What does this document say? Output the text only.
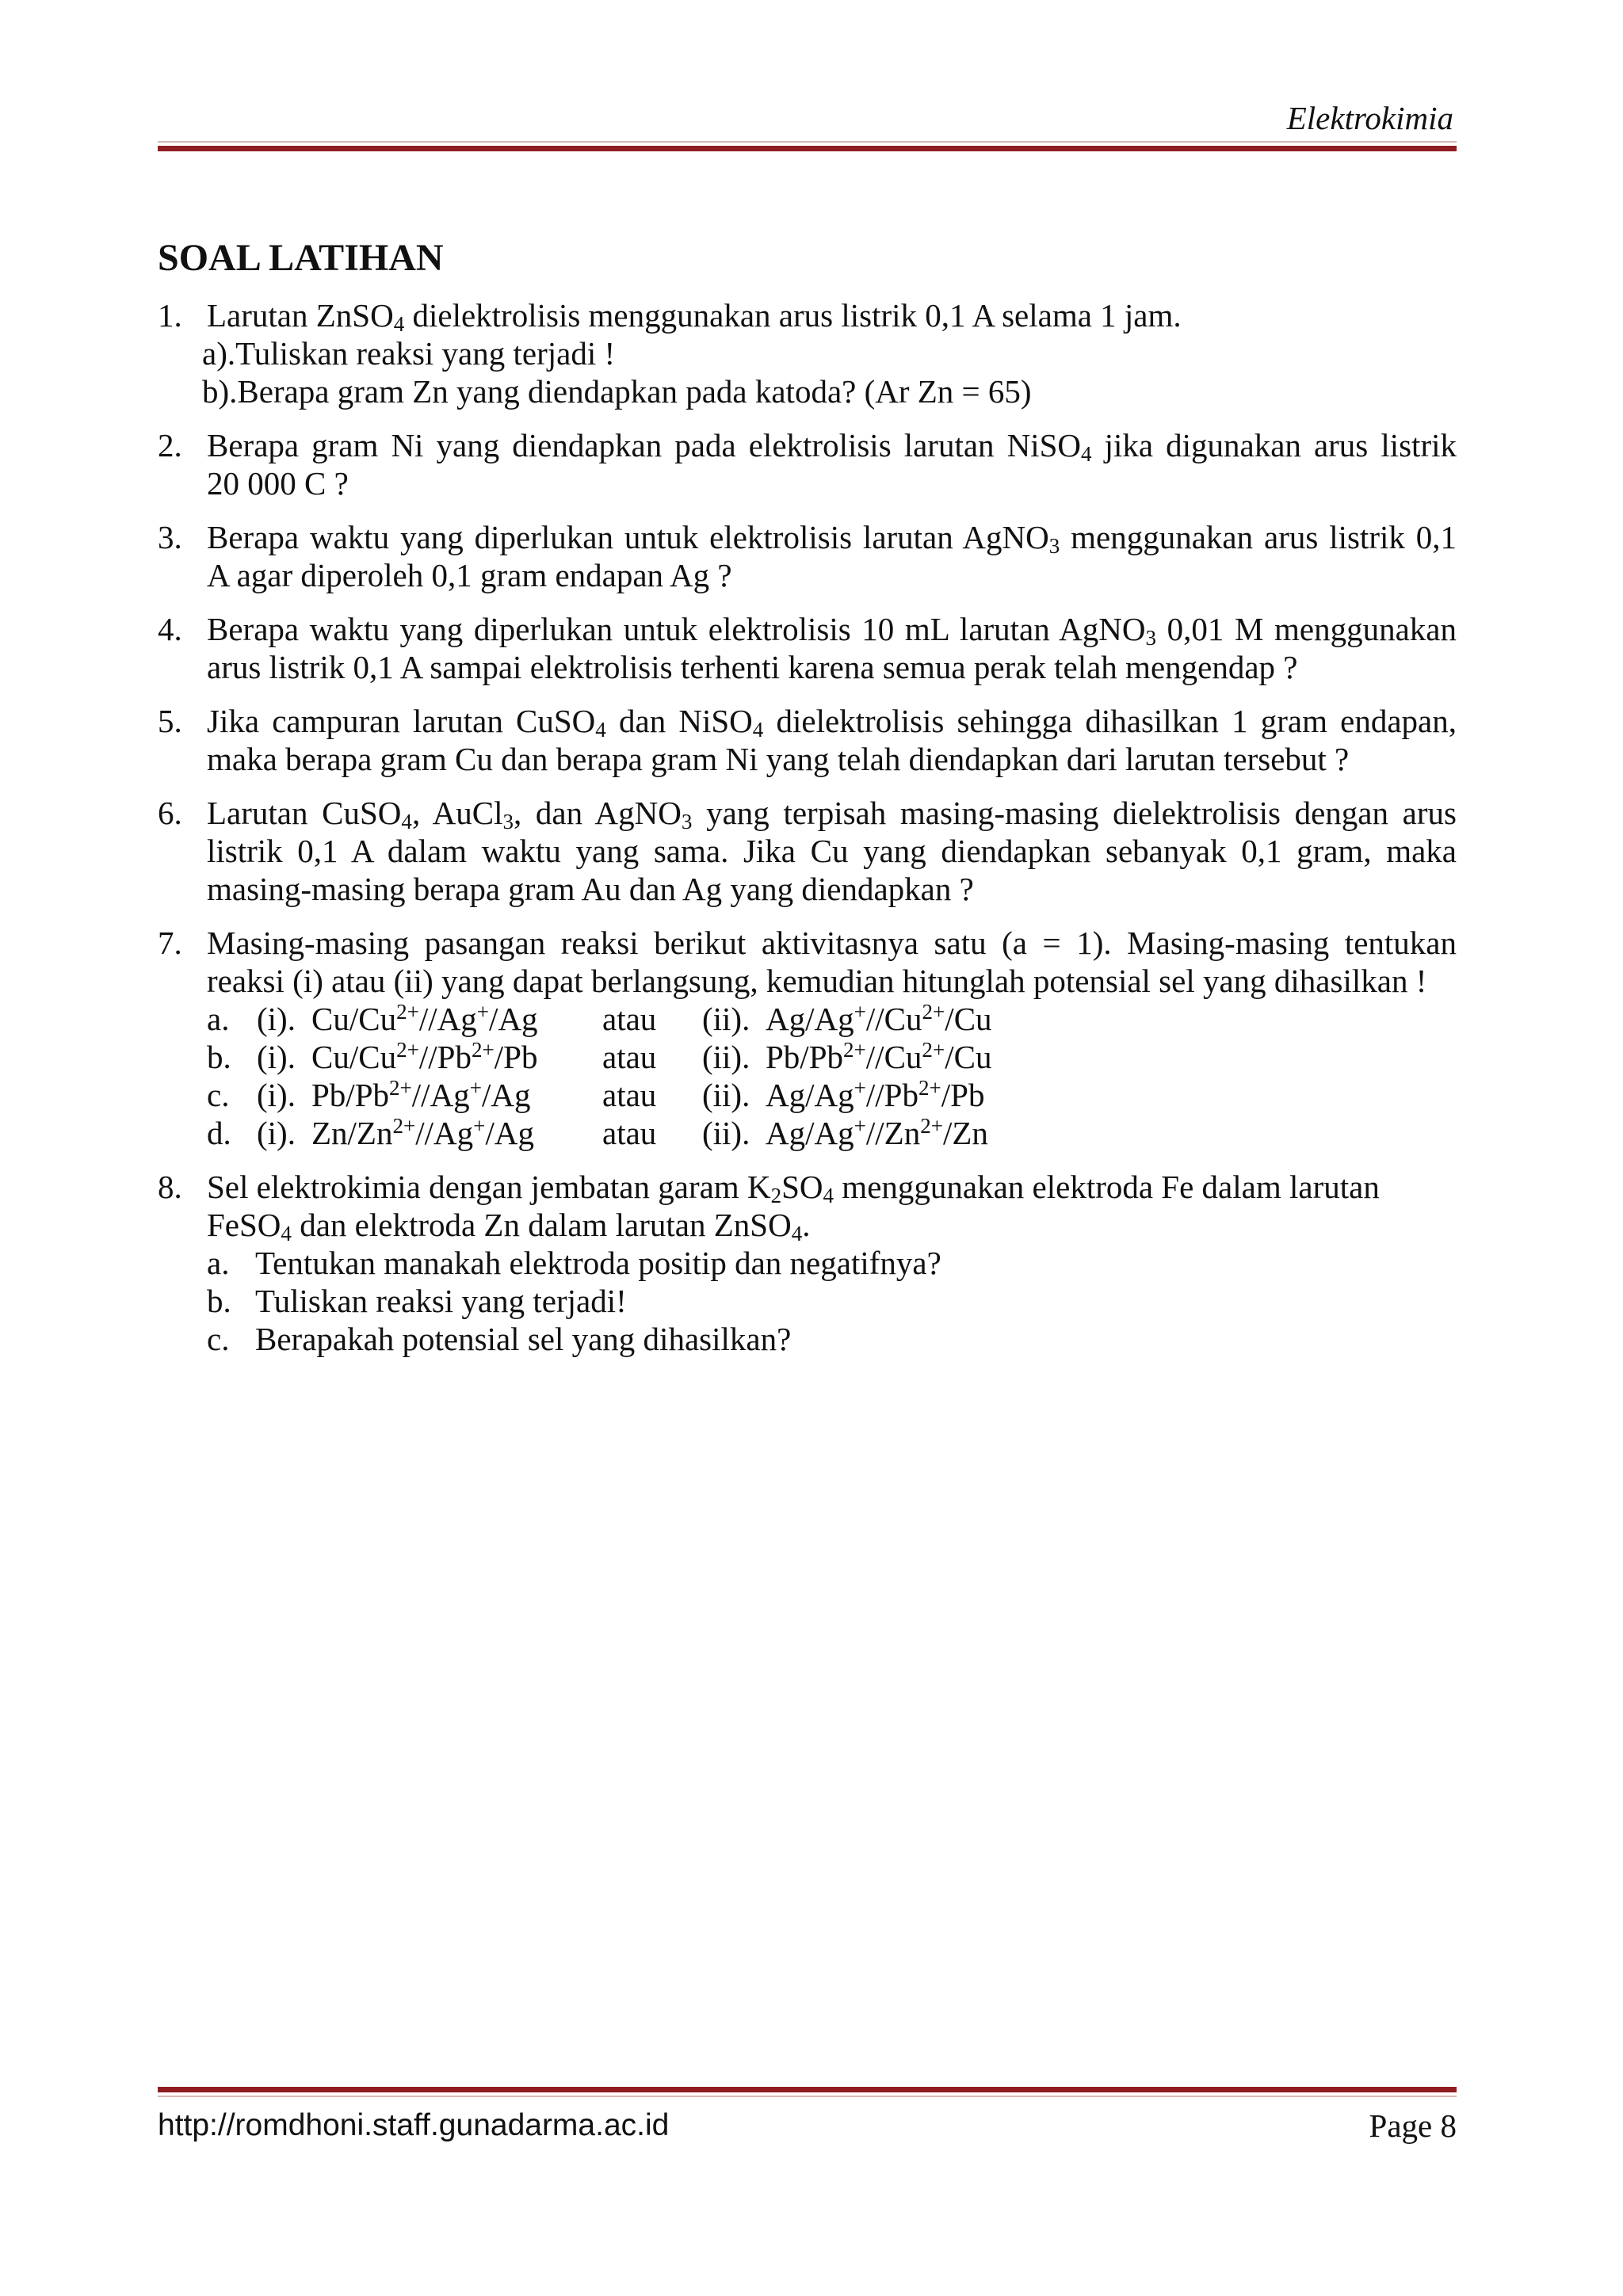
Elektrokimia
SOAL LATIHAN
1. Larutan ZnSO$_4$ dielektrolisis menggunakan arus listrik 0,1 A selama 1 jam.
a).Tuliskan reaksi yang terjadi !
b).Berapa gram Zn yang diendapkan pada katoda? (Ar Zn = 65)
2. Berapa gram Ni yang diendapkan pada elektrolisis larutan NiSO$_4$ jika digunakan arus listrik
20 000 C ?
3. Berapa waktu yang diperlukan untuk elektrolisis larutan AgNO$_3$ menggunakan arus listrik 0,1
A agar diperoleh 0,1 gram endapan Ag ?
4. Berapa waktu yang diperlukan untuk elektrolisis 10 mL larutan AgNO$_3$ 0,01 M menggunakan
arus listrik 0,1 A sampai elektrolisis terhenti karena semua perak telah mengendap ?
5. Jika campuran larutan CuSO$_4$ dan NiSO$_4$ dielektrolisis sehingga dihasilkan 1 gram endapan,
maka berapa gram Cu dan berapa gram Ni yang telah diendapkan dari larutan tersebut ?
6. Larutan CuSO$_4$, AuCl$_3$, dan AgNO$_3$ yang terpisah masing-masing dielektrolisis dengan arus
listrik 0,1 A dalam waktu yang sama. Jika Cu yang diendapkan sebanyak 0,1 gram, maka
masing-masing berapa gram Au dan Ag yang diendapkan ?
7. Masing-masing pasangan reaksi berikut aktivitasnya satu (a = 1). Masing-masing tentukan
reaksi (i) atau (ii) yang dapat berlangsung, kemudian hitunglah potensial sel yang dihasilkan !
a. (i). $Cu/Cu^{2+}//Ag^+/Ag$	atau	(ii). $Ag/Ag^+//Cu^{2+}/Cu$
b. (i). $Cu/Cu^{2+}//Pb^{2+}/Pb$	atau	(ii). $Pb/Pb^{2+}//Cu^{2+}/Cu$
c. (i). $Pb/Pb^{2+}//Ag^+/Ag$	atau	(ii). $Ag/Ag^+//Pb^{2+}/Pb$
d. (i). $Zn/Zn^{2+}//Ag^+/Ag$	atau	(ii). $Ag/Ag^+//Zn^{2+}/Zn$
8. Sel elektrokimia dengan jembatan garam $K_2SO_4$ menggunakan elektroda Fe dalam larutan
FeSO$_4$ dan elektroda Zn dalam larutan ZnSO$_4$.
a. Tentukan manakah elektroda positip dan negatifnya?
b. Tuliskan reaksi yang terjadi!
c. Berapakah potensial sel yang dihasilkan?
http://romdhoni.staff.gunadarma.ac.id	Page 8
